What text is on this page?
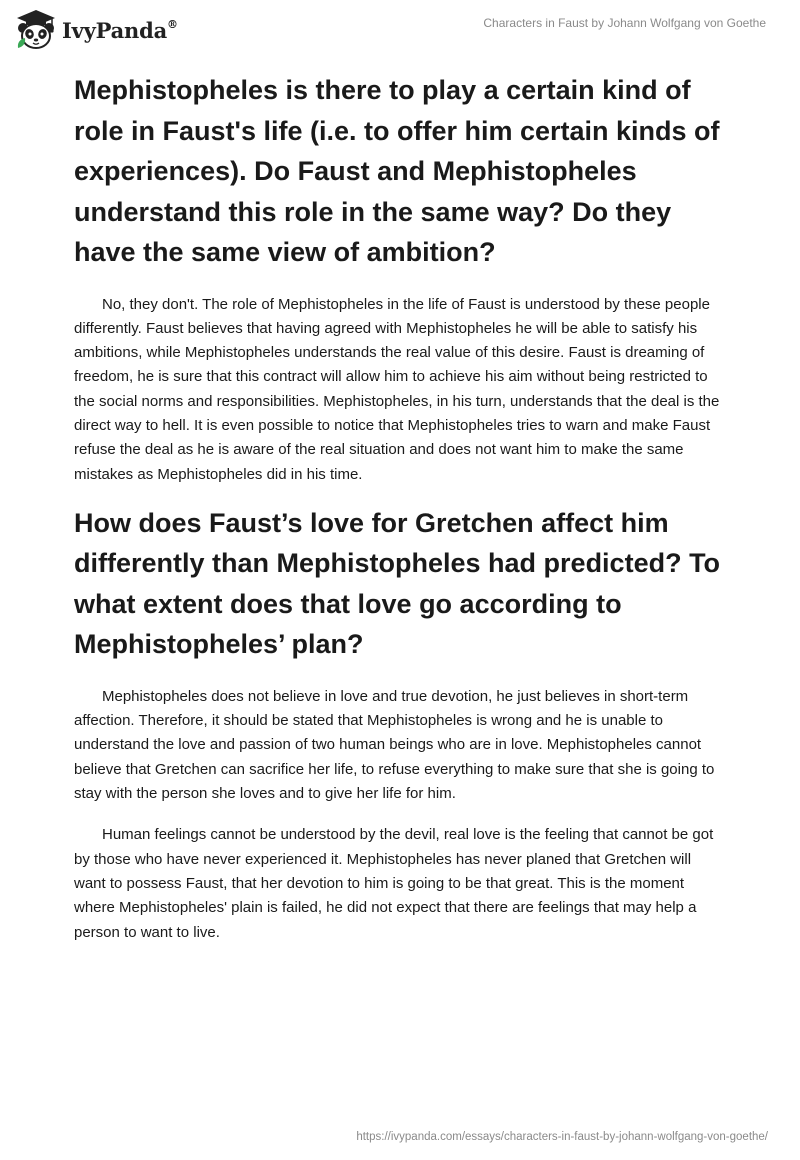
IvyPanda®	Characters in Faust by Johann Wolfgang von Goethe
Mephistopheles is there to play a certain kind of role in Faust's life (i.e. to offer him certain kinds of experiences). Do Faust and Mephistopheles understand this role in the same way? Do they have the same view of ambition?

No, they don't. The role of Mephistopheles in the life of Faust is understood by these people differently. Faust believes that having agreed with Mephistopheles he will be able to satisfy his ambitions, while Mephistopheles understands the real value of this desire. Faust is dreaming of freedom, he is sure that this contract will allow him to achieve his aim without being restricted to the social norms and responsibilities. Mephistopheles, in his turn, understands that the deal is the direct way to hell. It is even possible to notice that Mephistopheles tries to warn and make Faust refuse the deal as he is aware of the real situation and does not want him to make the same mistakes as Mephistopheles did in his time.

How does Faust’s love for Gretchen affect him differently than Mephistopheles had predicted? To what extent does that love go according to Mephistopheles’ plan?

Mephistopheles does not believe in love and true devotion, he just believes in short-term affection. Therefore, it should be stated that Mephistopheles is wrong and he is unable to understand the love and passion of two human beings who are in love. Mephistopheles cannot believe that Gretchen can sacrifice her life, to refuse everything to make sure that she is going to stay with the person she loves and to give her life for him.

Human feelings cannot be understood by the devil, real love is the feeling that cannot be got by those who have never experienced it. Mephistopheles has never planed that Gretchen will want to possess Faust, that her devotion to him is going to be that great. This is the moment where Mephistopheles' plain is failed, he did not expect that there are feelings that may help a person to want to live.

https://ivypanda.com/essays/characters-in-faust-by-johann-wolfgang-von-goethe/
